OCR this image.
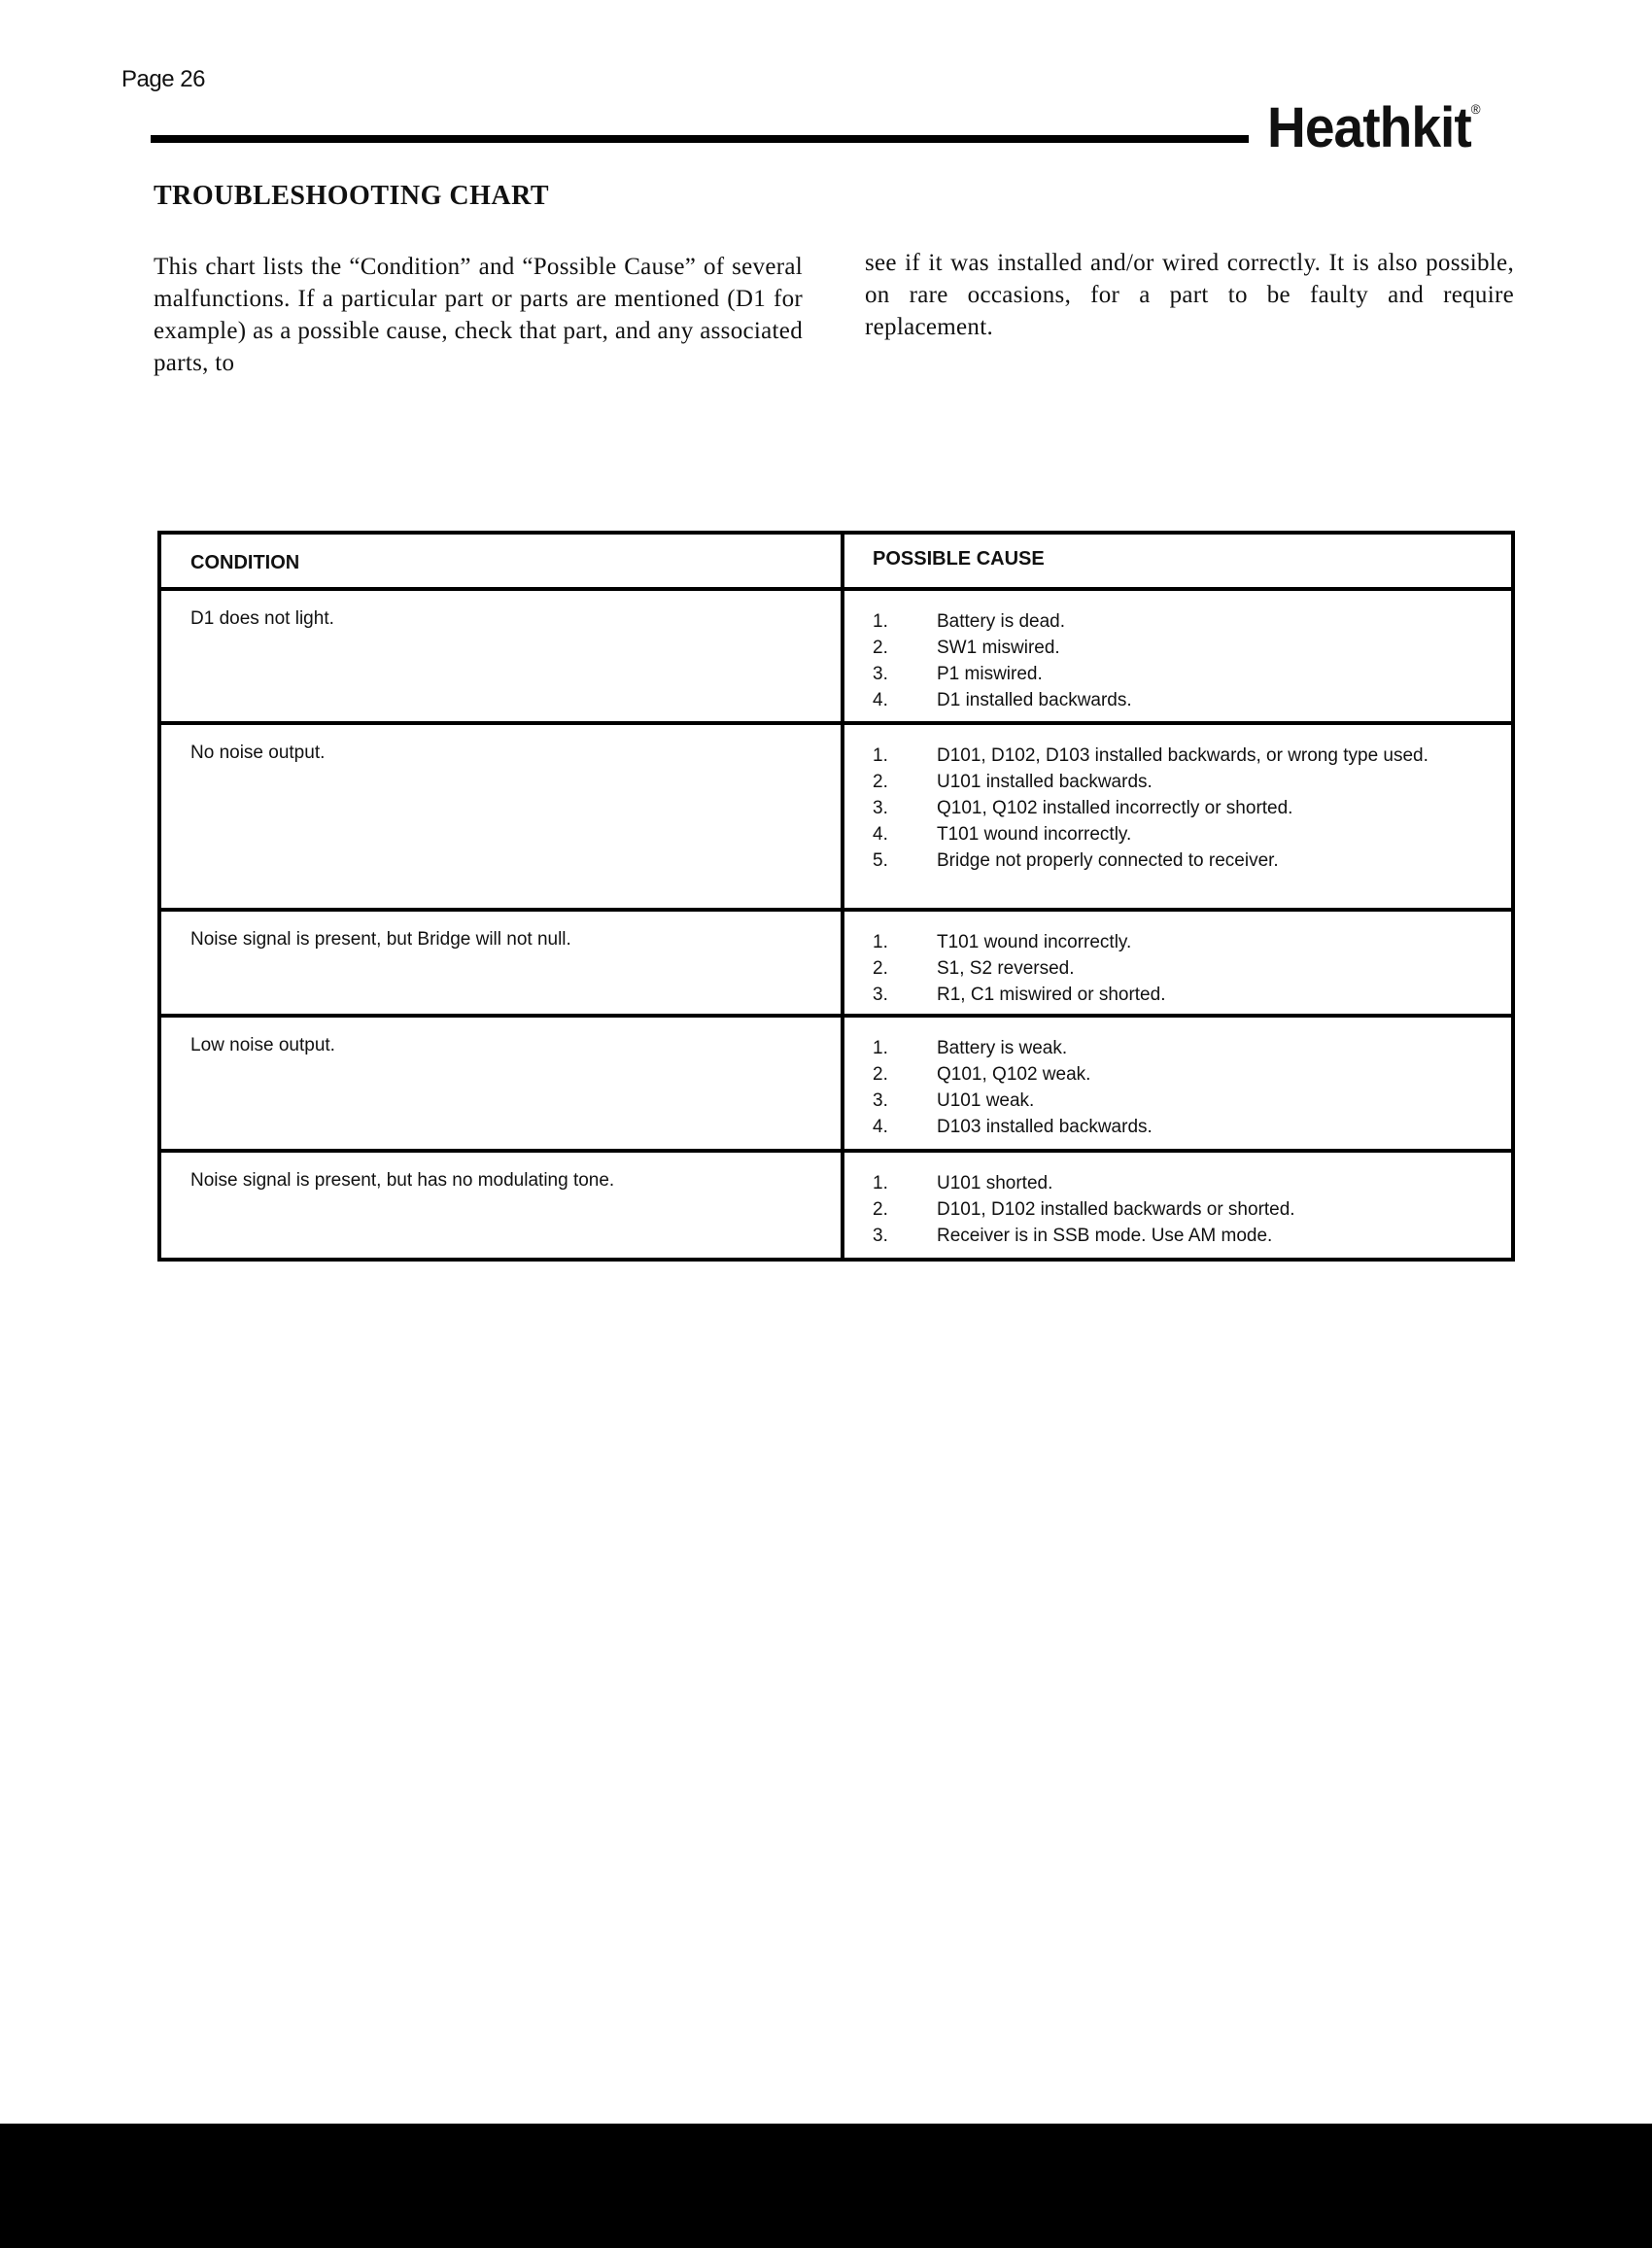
Page 26
Heathkit®
TROUBLESHOOTING CHART
This chart lists the “Condition” and “Possible Cause” of several malfunctions. If a particular part or parts are mentioned (D1 for example) as a possible cause, check that part, and any associated parts, to
see if it was installed and/or wired correctly. It is also possible, on rare occasions, for a part to be faulty and require replacement.
CONDITION	POSSIBLE CAUSE
D1 does not light.	1.	Battery is dead.
2.	SW1 miswired.
3.	P1 miswired.
4.	D1 installed backwards.
No noise output.	1.	D101, D102, D103 installed backwards, or wrong type used.
2.	U101 installed backwards.
3.	Q101, Q102 installed incorrectly or shorted.
4.	T101 wound incorrectly.
5.	Bridge not properly connected to receiver.
Noise signal is present, but Bridge will not null.	1.	T101 wound incorrectly.
2.	S1, S2 reversed.
3.	R1, C1 miswired or shorted.
Low noise output.	1.	Battery is weak.
2.	Q101, Q102 weak.
3.	U101 weak.
4.	D103 installed backwards.
Noise signal is present, but has no modulating tone.	1.	U101 shorted.
2.	D101, D102 installed backwards or shorted.
3.	Receiver is in SSB mode. Use AM mode.
